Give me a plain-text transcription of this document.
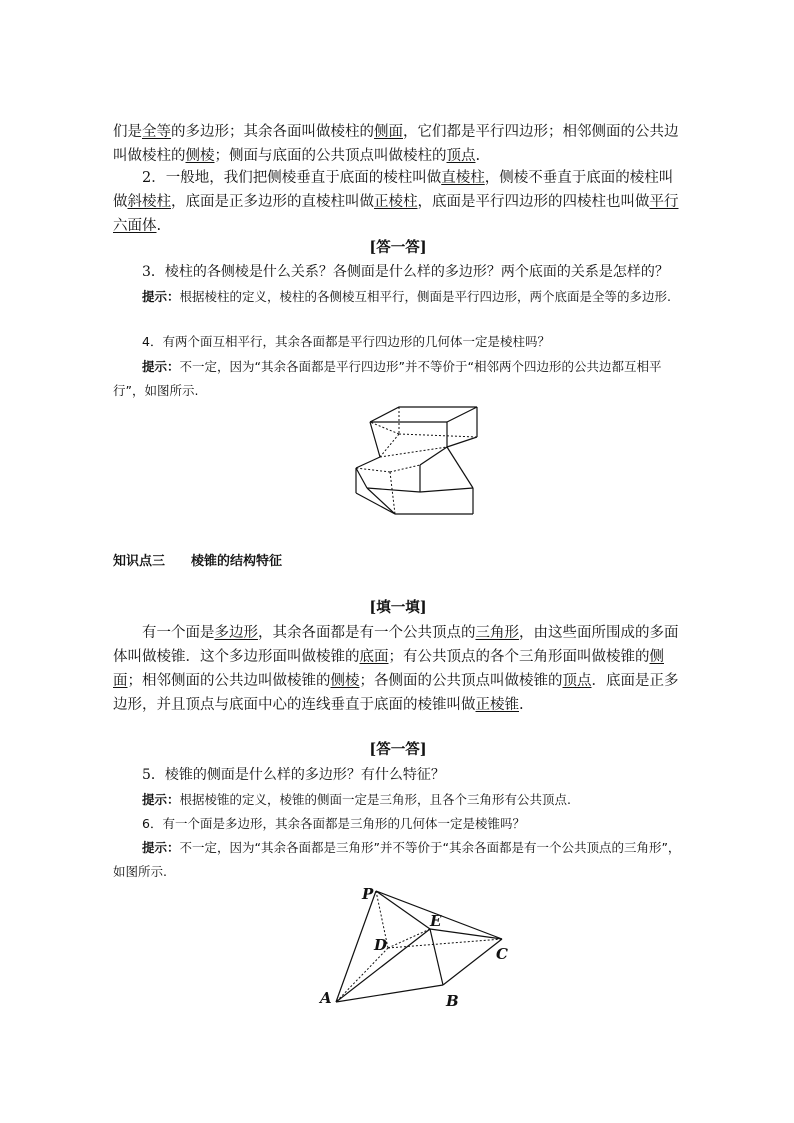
们是全等的多边形；其余各面叫做棱柱的侧面，它们都是平行四边形；相邻侧面的公共边叫做棱柱的侧棱；侧面与底面的公共顶点叫做棱柱的顶点.

2．一般地，我们把侧棱垂直于底面的棱柱叫做直棱柱，侧棱不垂直于底面的棱柱叫做斜棱柱，底面是正多边形的直棱柱叫做正棱柱，底面是平行四边形的四棱柱也叫做平行六面体.

[答一答]

3．棱柱的各侧棱是什么关系？各侧面是什么样的多边形？两个底面的关系是怎样的？

提示：根据棱柱的定义，棱柱的各侧棱互相平行，侧面是平行四边形，两个底面是全等的多边形.

4．有两个面互相平行，其余各面都是平行四边形的几何体一定是棱柱吗？

提示：不一定，因为“其余各面都是平行四边形”并不等价于“相邻两个四边形的公共边都互相平行”，如图所示.

知识点三 棱锥的结构特征
[填一填]

有一个面是多边形，其余各面都是有一个公共顶点的三角形，由这些面所围成的多面体叫做棱锥．这个多边形面叫做棱锥的底面；有公共顶点的各个三角形面叫做棱锥的侧面；相邻侧面的公共边叫做棱锥的侧棱；各侧面的公共顶点叫做棱锥的顶点．底面是正多边形，并且顶点与底面中心的连线垂直于底面的棱锥叫做正棱锥.

[答一答]

5．棱锥的侧面是什么样的多边形？有什么特征？

提示：根据棱锥的定义，棱锥的侧面一定是三角形，且各个三角形有公共顶点.

6．有一个面是多边形，其余各面都是三角形的几何体一定是棱锥吗？

提示：不一定，因为“其余各面都是三角形”并不等价于“其余各面都是有一个公共顶点的三角形”，如图所示.

P
E
D	C
A	B
